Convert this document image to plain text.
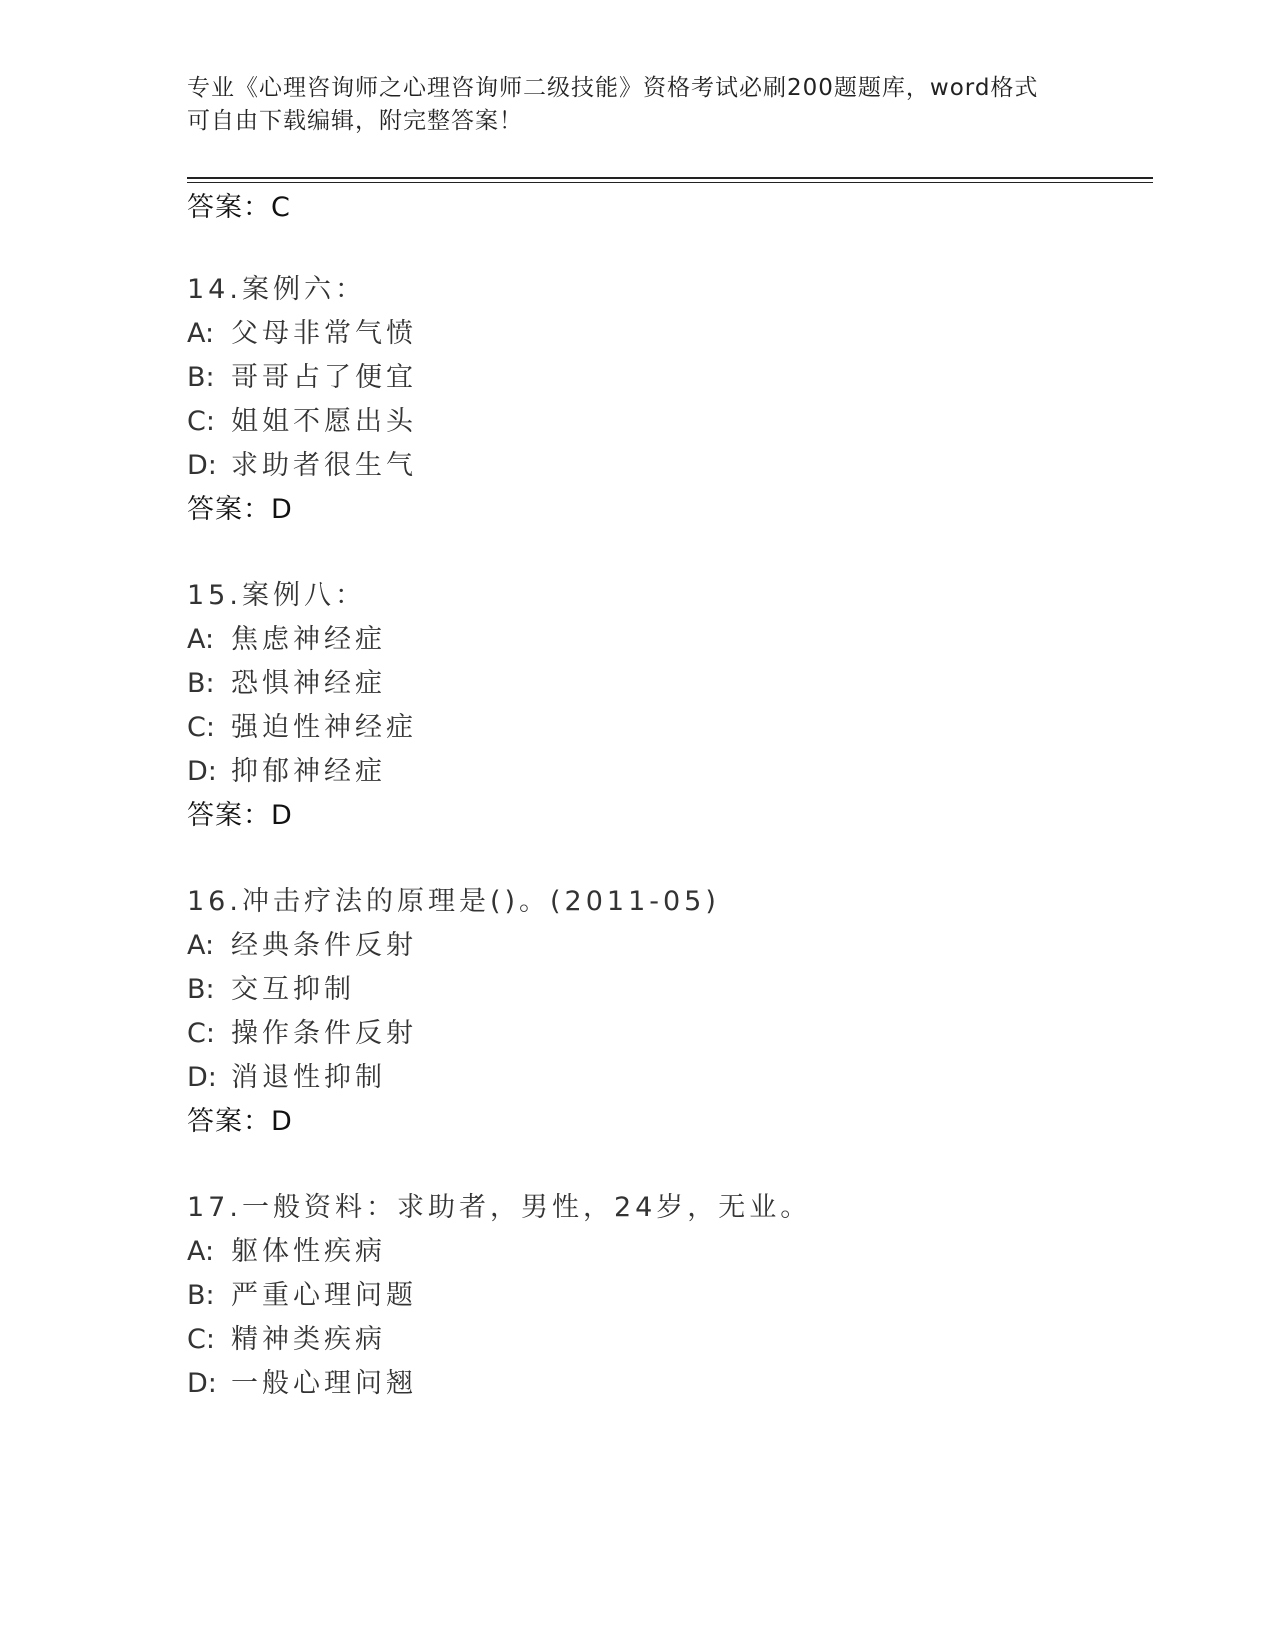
专业《心理咨询师之心理咨询师二级技能》资格考试必刷200题题库，word格式
可自由下载编辑，附完整答案！
答案：C
14.案例六：
A: 父母非常气愤
B: 哥哥占了便宜
C: 姐姐不愿出头
D: 求助者很生气
答案：D
15.案例八：
A: 焦虑神经症
B: 恐惧神经症
C: 强迫性神经症
D: 抑郁神经症
答案：D
16.冲击疗法的原理是()。(2011-05)
A: 经典条件反射
B: 交互抑制
C: 操作条件反射
D: 消退性抑制
答案：D
17.一般资料：求助者，男性，24岁，无业。
A: 躯体性疾病
B: 严重心理问题
C: 精神类疾病
D: 一般心理问翘
